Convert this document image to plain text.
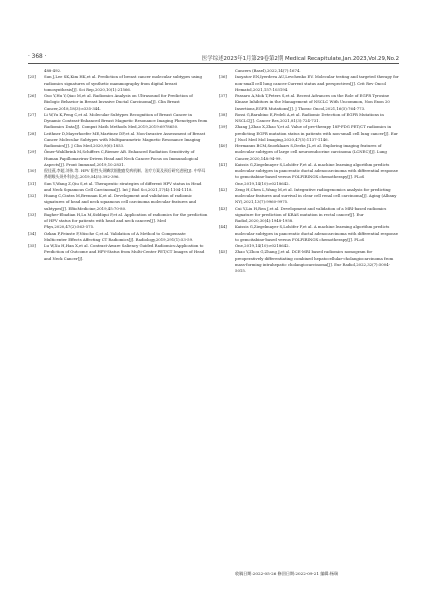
· 368 ·	医学综述2023年1月第29卷第2期 Medical Recapitulate,Jan.2023,Vol.29,No.2

488-492.

[25] Sun J,Lee SK,Kim HK,et al. Prediction of breast cancer molecular subtypes using radiomics signatures of synthetic mammography from digital breast tomosynthesis[J]. Sci Rep,2020,10(1):21566.

[26] Guo Y,Hu Y,Qiao M,et al. Radiomics Analysis on Ultrasound for Prediction of Biologic Behavior in Breast Invasive Ductal Carcinoma[J]. Clin Breast Cancer,2018,18(3):e335-344.

[27] Li W,Yu K,Feng C,et al. Molecular Subtypes Recognition of Breast Cancer in Dynamic Contrast-Enhanced Breast Magnetic Resonance Imaging Phenotypes from Radiomics Data[J]. Comput Math Methods Med,2019,2019:6978650.

[28] Leithner D,Mayerhoefer ME,Martinez DF,et al. Non-Invasive Assessment of Breast Cancer Molecular Subtypes with Multiparametric Magnetic Resonance Imaging Radiomics[J]. J Clin Med,2020,9(6):1853.

[29] Ömer-Wahlbrink M,Schiffers C,Riemer AB. Enhanced Radiation Sensitivity of Human Papillomavirus-Driven Head and Neck Cancer:Focus on Immunological Aspects[J]. Front Immunol,2019,10:2831.

[30] 倪佳燕,李超,刘伟,等. HPV 阳性头颈鳞状细胞癌发病机制、治疗方案及预后研究进展[J]. 中华耳鼻咽喉头颈外科杂志,2019,54(5):392-396.

[31] Sun Y,Wang Z,Qiu S,et al. Therapeutic strategies of different HPV status in Head and Neck Squamous Cell Carcinoma[J]. Int J Biol Sci,2021,17(4):1104-1118.

[32] Huang C,Cintra M,Brennan K,et al. Development and validation of radiomic signatures of head and neck squamous cell carcinoma molecular features and subtypes[J]. EBioMedicine,2019,45:70-80.

[33] Bagher-Ebadian H,Lu M,Siddiqui F,et al. Application of radiomics for the prediction of HPV status for patients with head and neck cancers[J]. Med Phys,2020,47(2):563-575.

[34] Ozkan F,Feinste F,Nüsche C,et al. Validation of A Method to Compensate Multicenter Effects Affecting CT Radiomics[J]. Radiology,2019,291(1):53-59.

[35] Lu W,Xu H,Han X,et al. Contrast-Aware Saliency Guided Radiomics:Application to Prediction of Outcome and HPV-Status from Multi-Center PET/CT Images of Head and Neck Cancer[J].

Cancers (Basel),2022,14(7):1674.

[36] Inoyatov EN,Iyerdeva AU,Levchenko EV. Molecular testing and targeted therapy for non-small cell lung cancer:Current status and perspectives[J]. Crit Rev Oncol Hematol,2021,157:103194.

[37] Passaro A,Mok T,Peters S,et al. Recent Advances on the Role of EGFR Tyrosine Kinase Inhibitors in the Management of NSCLC With Uncommon, Non Exon 20 Insertions,EGFR Mutations[J]. J Thorac Oncol,2021,16(5):764-773.

[38] Rossi G,Barabino E,Fedeli A,et al. Radiomic Detection of EGFR Mutations in NSCLC[J]. Cancer Res,2021,81(3):724-731.

[39] Zhang J,Zhao X,Zhao Y,et al. Value of pre-therapy 18F-FDG PET/CT radiomics in predicting EGFR mutation status in patients with non-small cell lung cancer[J]. Eur J Nucl Med Mol Imaging,2020,47(5):1137-1146.

[40] Hermanns BCM,Snoeklaars S,Derks JL,et al. Exploring imaging features of molecular subtypes of large cell neuroendocrine carcinoma (LCNEC)[J]. Lung Cancer,2020,148:94-99.

[41] Kaissis G,Ziegelmayer S,Lohöfer F,et al. A machine learning algorithm predicts molecular subtypes in pancreatic ductal adenocarcinoma with differential response to gemcitabine-based versus FOLFIRINOX chemotherapy[J]. PLoS One,2019,14(10):e0218642.

[42] Zeng H,Chen L,Wang M,et al. Integrative radiogenomics analysis for predicting molecular features and survival in clear cell renal cell carcinoma[J]. Aging (Albany NY),2021,13(7):9960-9975.

[43] Cui Y,Liu H,Ren J,et al. Development and validation of a MRI-based radiomics signature for prediction of KRAS mutation in rectal cancer[J]. Eur Radiol,2020,30(4):1948-1958.

[44] Kaissis G,Ziegelmayer S,Lohöfer F,et al. A machine learning algorithm predicts molecular subtypes in pancreatic ductal adenocarcinoma with differential response to gemcitabine-based versus FOLFIRINOX chemotherapy[J]. PLoS One,2019,14(10):e0218642.

[45] Zhao Y,Zhou G,Zhang J,et al. DCE-MRI based radiomics nomogram for preoperatively differentiating combined hepatocellular-cholangiocarcinoma from mass-forming intrahepatic cholangiocarcinoma[J]. Eur Radiol,2022,32(7):5004-5015.

收稿日期:2022-05-26 修回日期:2022-09-21 编辑:杨瑞
